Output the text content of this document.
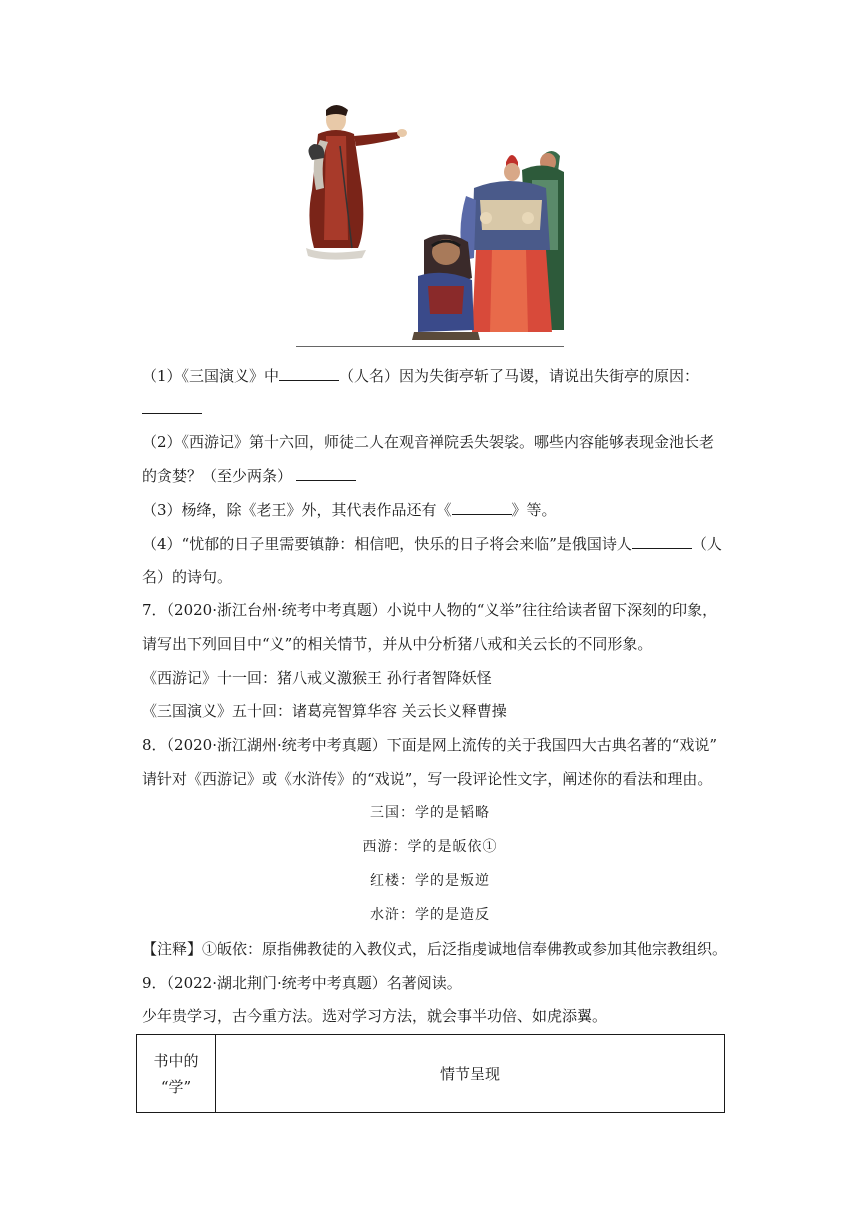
（1）《三国演义》中	（人名）因为失街亭斩了马谡，请说出失街亭的原因：
（2）《西游记》第十六回，师徒二人在观音禅院丢失袈裟。哪些内容能够表现金池长老
的贪婪？（至少两条）
（3）杨绛，除《老王》外，其代表作品还有《	》等。
（4）“忧郁的日子里需要镇静：相信吧，快乐的日子将会来临”是俄国诗人	（人
名）的诗句。
7．（2020·浙江台州·统考中考真题）小说中人物的“义举”往往给读者留下深刻的印象，
请写出下列回目中“义”的相关情节，并从中分析猪八戒和关云长的不同形象。
《西游记》十一回：猪八戒义激猴王 孙行者智降妖怪
《三国演义》五十回：诸葛亮智算华容 关云长义释曹操
8．（2020·浙江湖州·统考中考真题）下面是网上流传的关于我国四大古典名著的“戏说”
请针对《西游记》或《水浒传》的“戏说”，写一段评论性文字，阐述你的看法和理由。
三国：学的是韬略
西游：学的是皈依①
红楼：学的是叛逆
水浒：学的是造反
【注释】①皈依：原指佛教徒的入教仪式，后泛指虔诚地信奉佛教或参加其他宗教组织。
9．（2022·湖北荆门·统考中考真题）名著阅读。
少年贵学习，古今重方法。选对学习方法，就会事半功倍、如虎添翼。
书中的
“学”
	情节呈现
